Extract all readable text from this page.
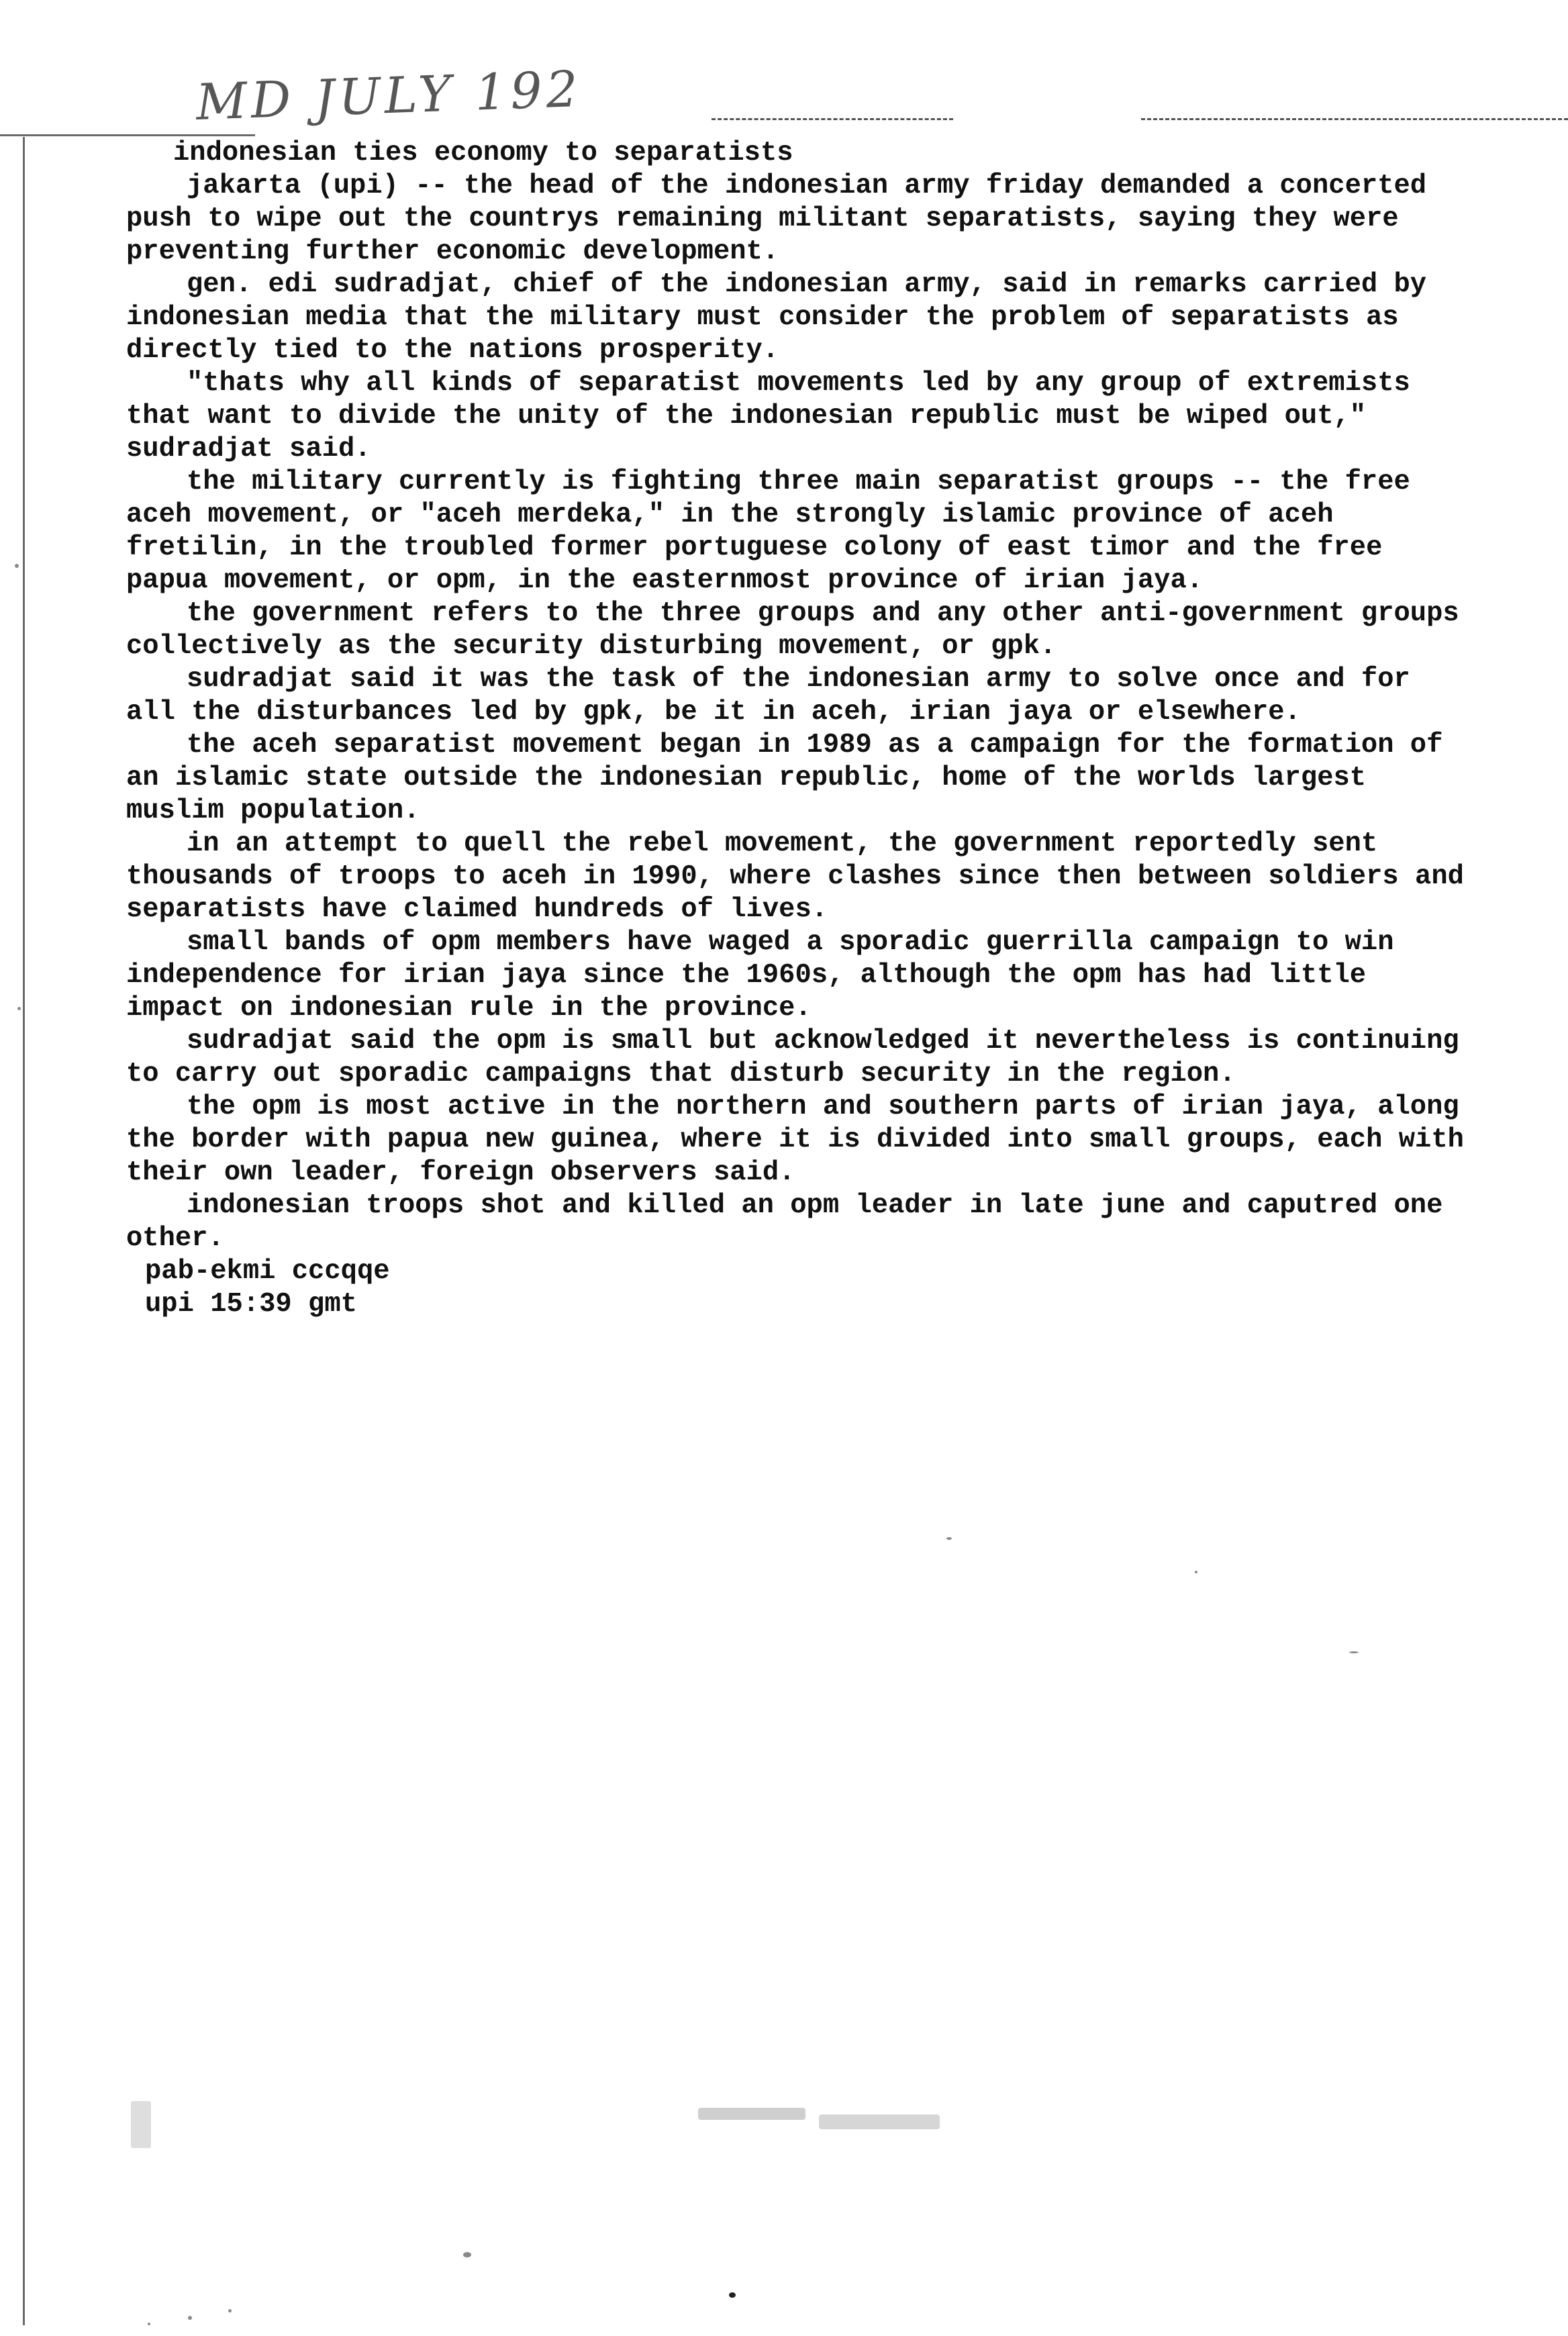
MD JULY 192

indonesian ties economy to separatists

jakarta (upi) -- the head of the indonesian army friday demanded a concerted push to wipe out the countrys remaining militant separatists, saying they were preventing further economic development.

gen. edi sudradjat, chief of the indonesian army, said in remarks carried by indonesian media that the military must consider the problem of separatists as directly tied to the nations prosperity.

"thats why all kinds of separatist movements led by any group of extremists that want to divide the unity of the indonesian republic must be wiped out," sudradjat said.

the military currently is fighting three main separatist groups -- the free aceh movement, or "aceh merdeka," in the strongly islamic province of aceh fretilin, in the troubled former portuguese colony of east timor and the free papua movement, or opm, in the easternmost province of irian jaya.

the government refers to the three groups and any other anti-government groups collectively as the security disturbing movement, or gpk.

sudradjat said it was the task of the indonesian army to solve once and for all the disturbances led by gpk, be it in aceh, irian jaya or elsewhere.

the aceh separatist movement began in 1989 as a campaign for the formation of an islamic state outside the indonesian republic, home of the worlds largest muslim population.

in an attempt to quell the rebel movement, the government reportedly sent thousands of troops to aceh in 1990, where clashes since then between soldiers and separatists have claimed hundreds of lives.

small bands of opm members have waged a sporadic guerrilla campaign to win independence for irian jaya since the 1960s, although the opm has had little impact on indonesian rule in the province.

sudradjat said the opm is small but acknowledged it nevertheless is continuing to carry out sporadic campaigns that disturb security in the region.

the opm is most active in the northern and southern parts of irian jaya, along the border with papua new guinea, where it is divided into small groups, each with their own leader, foreign observers said.

indonesian troops shot and killed an opm leader in late june and caputred one other.

pab-ekmi cccqqe

upi 15:39 gmt
